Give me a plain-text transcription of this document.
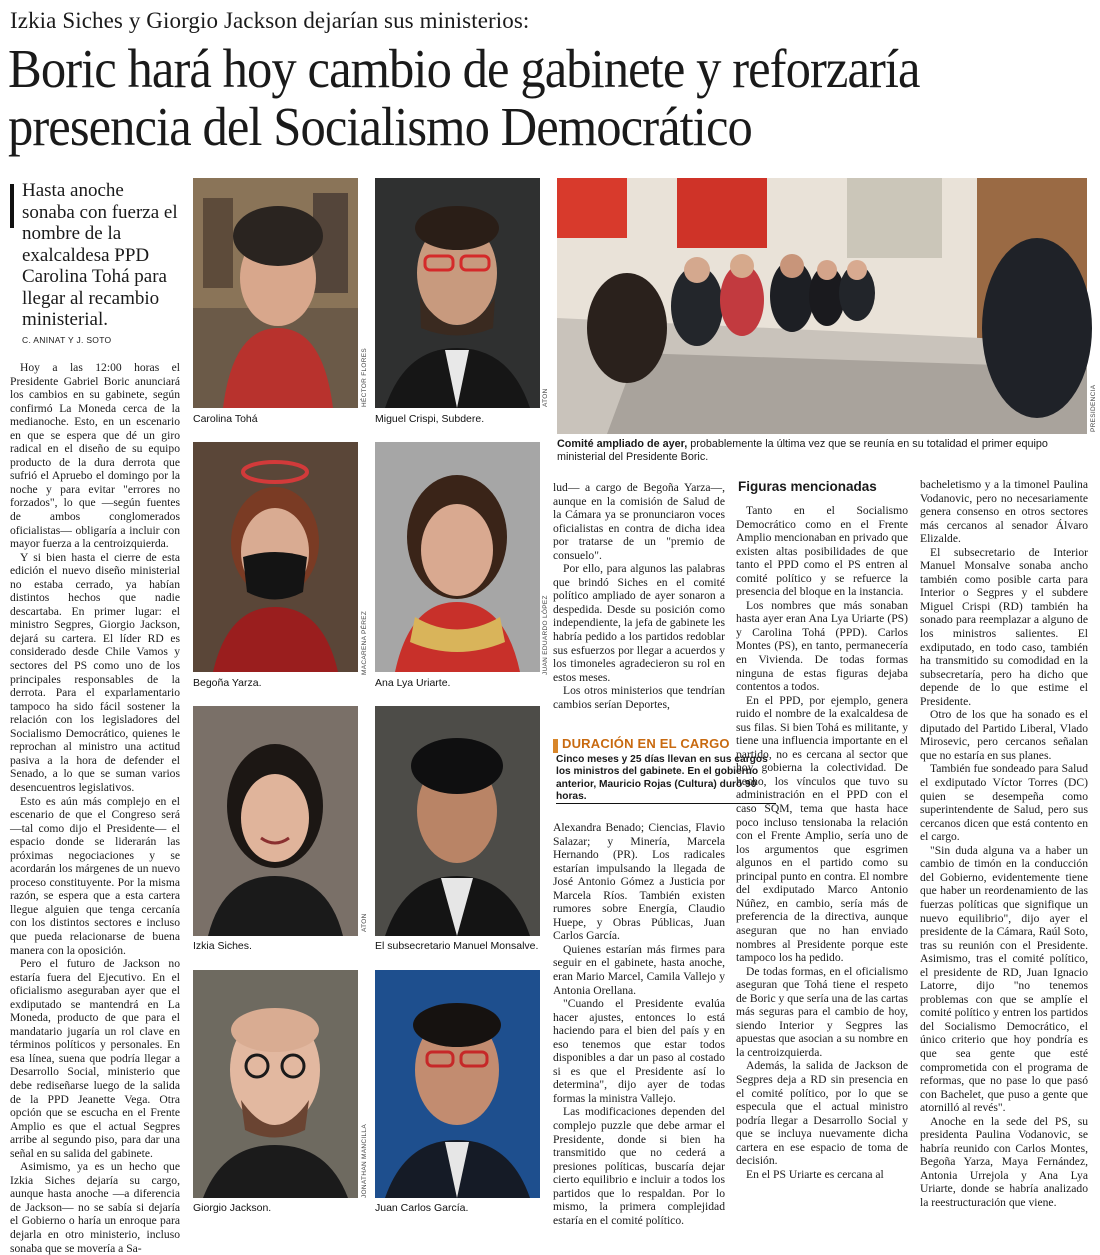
Izkia Siches y Giorgio Jackson dejarían sus ministerios:
Boric hará hoy cambio de gabinete y reforzaría presencia del Socialismo Democrático
Hasta anoche sonaba con fuerza el nombre de la exalcaldesa PPD Carolina Tohá para llegar al recambio ministerial.
C. ANINAT Y J. SOTO

Hoy a las 12:00 horas el Presidente Gabriel Boric anunciará los cambios en su gabinete, según confirmó La Moneda cerca de la medianoche. Esto, en un escenario en que se espera que dé un giro radical en el diseño de su equipo producto de la dura derrota que sufrió el Apruebo el domingo por la noche y para evitar "errores no forzados", lo que —según fuentes de ambos conglomerados oficialistas— obligaría a incluir con mayor fuerza a la centroizquierda.

Y si bien hasta el cierre de esta edición el nuevo diseño ministerial no estaba cerrado, ya habían distintos hechos que nadie descartaba. En primer lugar: el ministro Segpres, Giorgio Jackson, dejará su cartera. El líder RD es considerado desde Chile Vamos y sectores del PS como uno de los principales responsables de la derrota. Para el exparlamentario tampoco ha sido fácil sostener la relación con los legisladores del Socialismo Democrático, quienes le reprochan al ministro una actitud pasiva a la hora de defender el Senado, a lo que se suman varios desencuentros legislativos.

Esto es aún más complejo en el escenario de que el Congreso será —tal como dijo el Presidente— el espacio donde se liderarán las próximas negociaciones y se acordarán los márgenes de un nuevo proceso constituyente. Por la misma razón, se espera que a esta cartera llegue alguien que tenga cercanía con los distintos sectores e incluso que pueda relacionarse de buena manera con la oposición.

Pero el futuro de Jackson no estaría fuera del Ejecutivo. En el oficialismo aseguraban ayer que el exdiputado se mantendrá en La Moneda, producto de que para el mandatario jugaría un rol clave en términos políticos y personales. En esa línea, suena que podría llegar a Desarrollo Social, ministerio que debe rediseñarse luego de la salida de la PPD Jeanette Vega. Otra opción que se escucha en el Frente Amplio es que el actual Segpres arribe al segundo piso, para dar una señal en su salida del gabinete.

Asimismo, ya es un hecho que Izkia Siches dejaría su cargo, aunque hasta anoche —a diferencia de Jackson— no se sabía si dejaría el Gobierno o haría un enroque para dejarla en otro ministerio, incluso sonaba que se movería a Sa-

Carolina Tohá
HÉCTOR FLORES
Miguel Crispi, Subdere.
ATON
Begoña Yarza.
MACARENA PÉREZ
Ana Lya Uriarte.
JUAN EDUARDO LÓPEZ
Izkia Siches.
ATON
El subsecretario Manuel Monsalve.
Giorgio Jackson.
JONATHAN MANCILLA
Juan Carlos García.
PRESIDENCIA
Comité ampliado de ayer, probablemente la última vez que se reunía en su totalidad el primer equipo ministerial del Presidente Boric.

lud— a cargo de Begoña Yarza—, aunque en la comisión de Salud de la Cámara ya se pronunciaron voces oficialistas en contra de dicha idea por tratarse de un "premio de consuelo".

Por ello, para algunos las palabras que brindó Siches en el comité político ampliado de ayer sonaron a despedida. Desde su posición como independiente, la jefa de gabinete les habría pedido a los partidos redoblar sus esfuerzos por llegar a acuerdos y los timoneles agradecieron su rol en estos meses.

Los otros ministerios que tendrían cambios serían Deportes,

DURACIÓN EN EL CARGO
Cinco meses y 25 días llevan en sus cargos los ministros del gabinete. En el gobierno anterior, Mauricio Rojas (Cultura) duró 90 horas.

Alexandra Benado; Ciencias, Flavio Salazar; y Minería, Marcela Hernando (PR). Los radicales estarían impulsando la llegada de José Antonio Gómez a Justicia por Marcela Ríos. También existen rumores sobre Energía, Claudio Huepe, y Obras Públicas, Juan Carlos García.

Quienes estarían más firmes para seguir en el gabinete, hasta anoche, eran Mario Marcel, Camila Vallejo y Antonia Orellana.

"Cuando el Presidente evalúa hacer ajustes, entonces lo está haciendo para el bien del país y en eso tenemos que estar todos disponibles a dar un paso al costado si es que el Presidente así lo determina", dijo ayer de todas formas la ministra Vallejo.

Las modificaciones dependen del complejo puzzle que debe armar el Presidente, donde si bien ha transmitido que no cederá a presiones políticas, buscaría dejar cierto equilibrio e incluir a todos los partidos que lo respaldan. Por lo mismo, la primera complejidad estaría en el comité político.

Figuras mencionadas

Tanto en el Socialismo Democrático como en el Frente Amplio mencionaban en privado que existen altas posibilidades de que tanto el PPD como el PS entren al comité político y se refuerce la presencia del bloque en la instancia.

Los nombres que más sonaban hasta ayer eran Ana Lya Uriarte (PS) y Carolina Tohá (PPD). Carlos Montes (PS), en tanto, permanecería en Vivienda. De todas formas ninguna de estas figuras dejaba contentos a todos.

En el PPD, por ejemplo, genera ruido el nombre de la exalcaldesa de sus filas. Si bien Tohá es militante, y tiene una influencia importante en el partido, no es cercana al sector que hoy gobierna la colectividad. De hecho, los vínculos que tuvo su administración en el PPD con el caso SQM, tema que hasta hace poco incluso tensionaba la relación con el Frente Amplio, sería uno de los argumentos que esgrimen algunos en el partido como su principal punto en contra. El nombre del exdiputado Marco Antonio Núñez, en cambio, sería más de preferencia de la directiva, aunque aseguran que no han enviado nombres al Presidente porque este tampoco los ha pedido.

De todas formas, en el oficialismo aseguran que Tohá tiene el respeto de Boric y que sería una de las cartas más seguras para el cambio de hoy, siendo Interior y Segpres las apuestas que asocian a su nombre en la centroizquierda.

Además, la salida de Jackson de Segpres deja a RD sin presencia en el comité político, por lo que se especula que el actual ministro podría llegar a Desarrollo Social y que se incluya nuevamente dicha cartera en ese espacio de toma de decisión.

En el PS Uriarte es cercana al

bacheletismo y a la timonel Paulina Vodanovic, pero no necesariamente genera consenso en otros sectores más cercanos al senador Álvaro Elizalde.

El subsecretario de Interior Manuel Monsalve sonaba ancho también como posible carta para Interior o Segpres y el subdere Miguel Crispi (RD) también ha sonado para reemplazar a alguno de los ministros salientes. El exdiputado, en todo caso, también ha transmitido su comodidad en la subsecretaría, pero ha dicho que depende de lo que estime el Presidente.

Otro de los que ha sonado es el diputado del Partido Liberal, Vlado Mirosevic, pero cercanos señalan que no estaría en sus planes.

También fue sondeado para Salud el exdiputado Víctor Torres (DC) quien se desempeña como superintendente de Salud, pero sus cercanos dicen que está contento en el cargo.

"Sin duda alguna va a haber un cambio de timón en la conducción del Gobierno, evidentemente tiene que haber un reordenamiento de las fuerzas políticas que signifique un nuevo equilibrio", dijo ayer el presidente de la Cámara, Raúl Soto, tras su reunión con el Presidente. Asimismo, tras el comité político, el presidente de RD, Juan Ignacio Latorre, dijo "no tenemos problemas con que se amplíe el comité político y entren los partidos del Socialismo Democrático, el único criterio que hoy pondría es que sea gente que esté comprometida con el programa de reformas, que no pase lo que pasó con Bachelet, que puso a gente que atornilló al revés".

Anoche en la sede del PS, su presidenta Paulina Vodanovic, se habría reunido con Carlos Montes, Begoña Yarza, Maya Fernández, Antonia Urrejola y Ana Lya Uriarte, donde se habría analizado la reestructuración que viene.
